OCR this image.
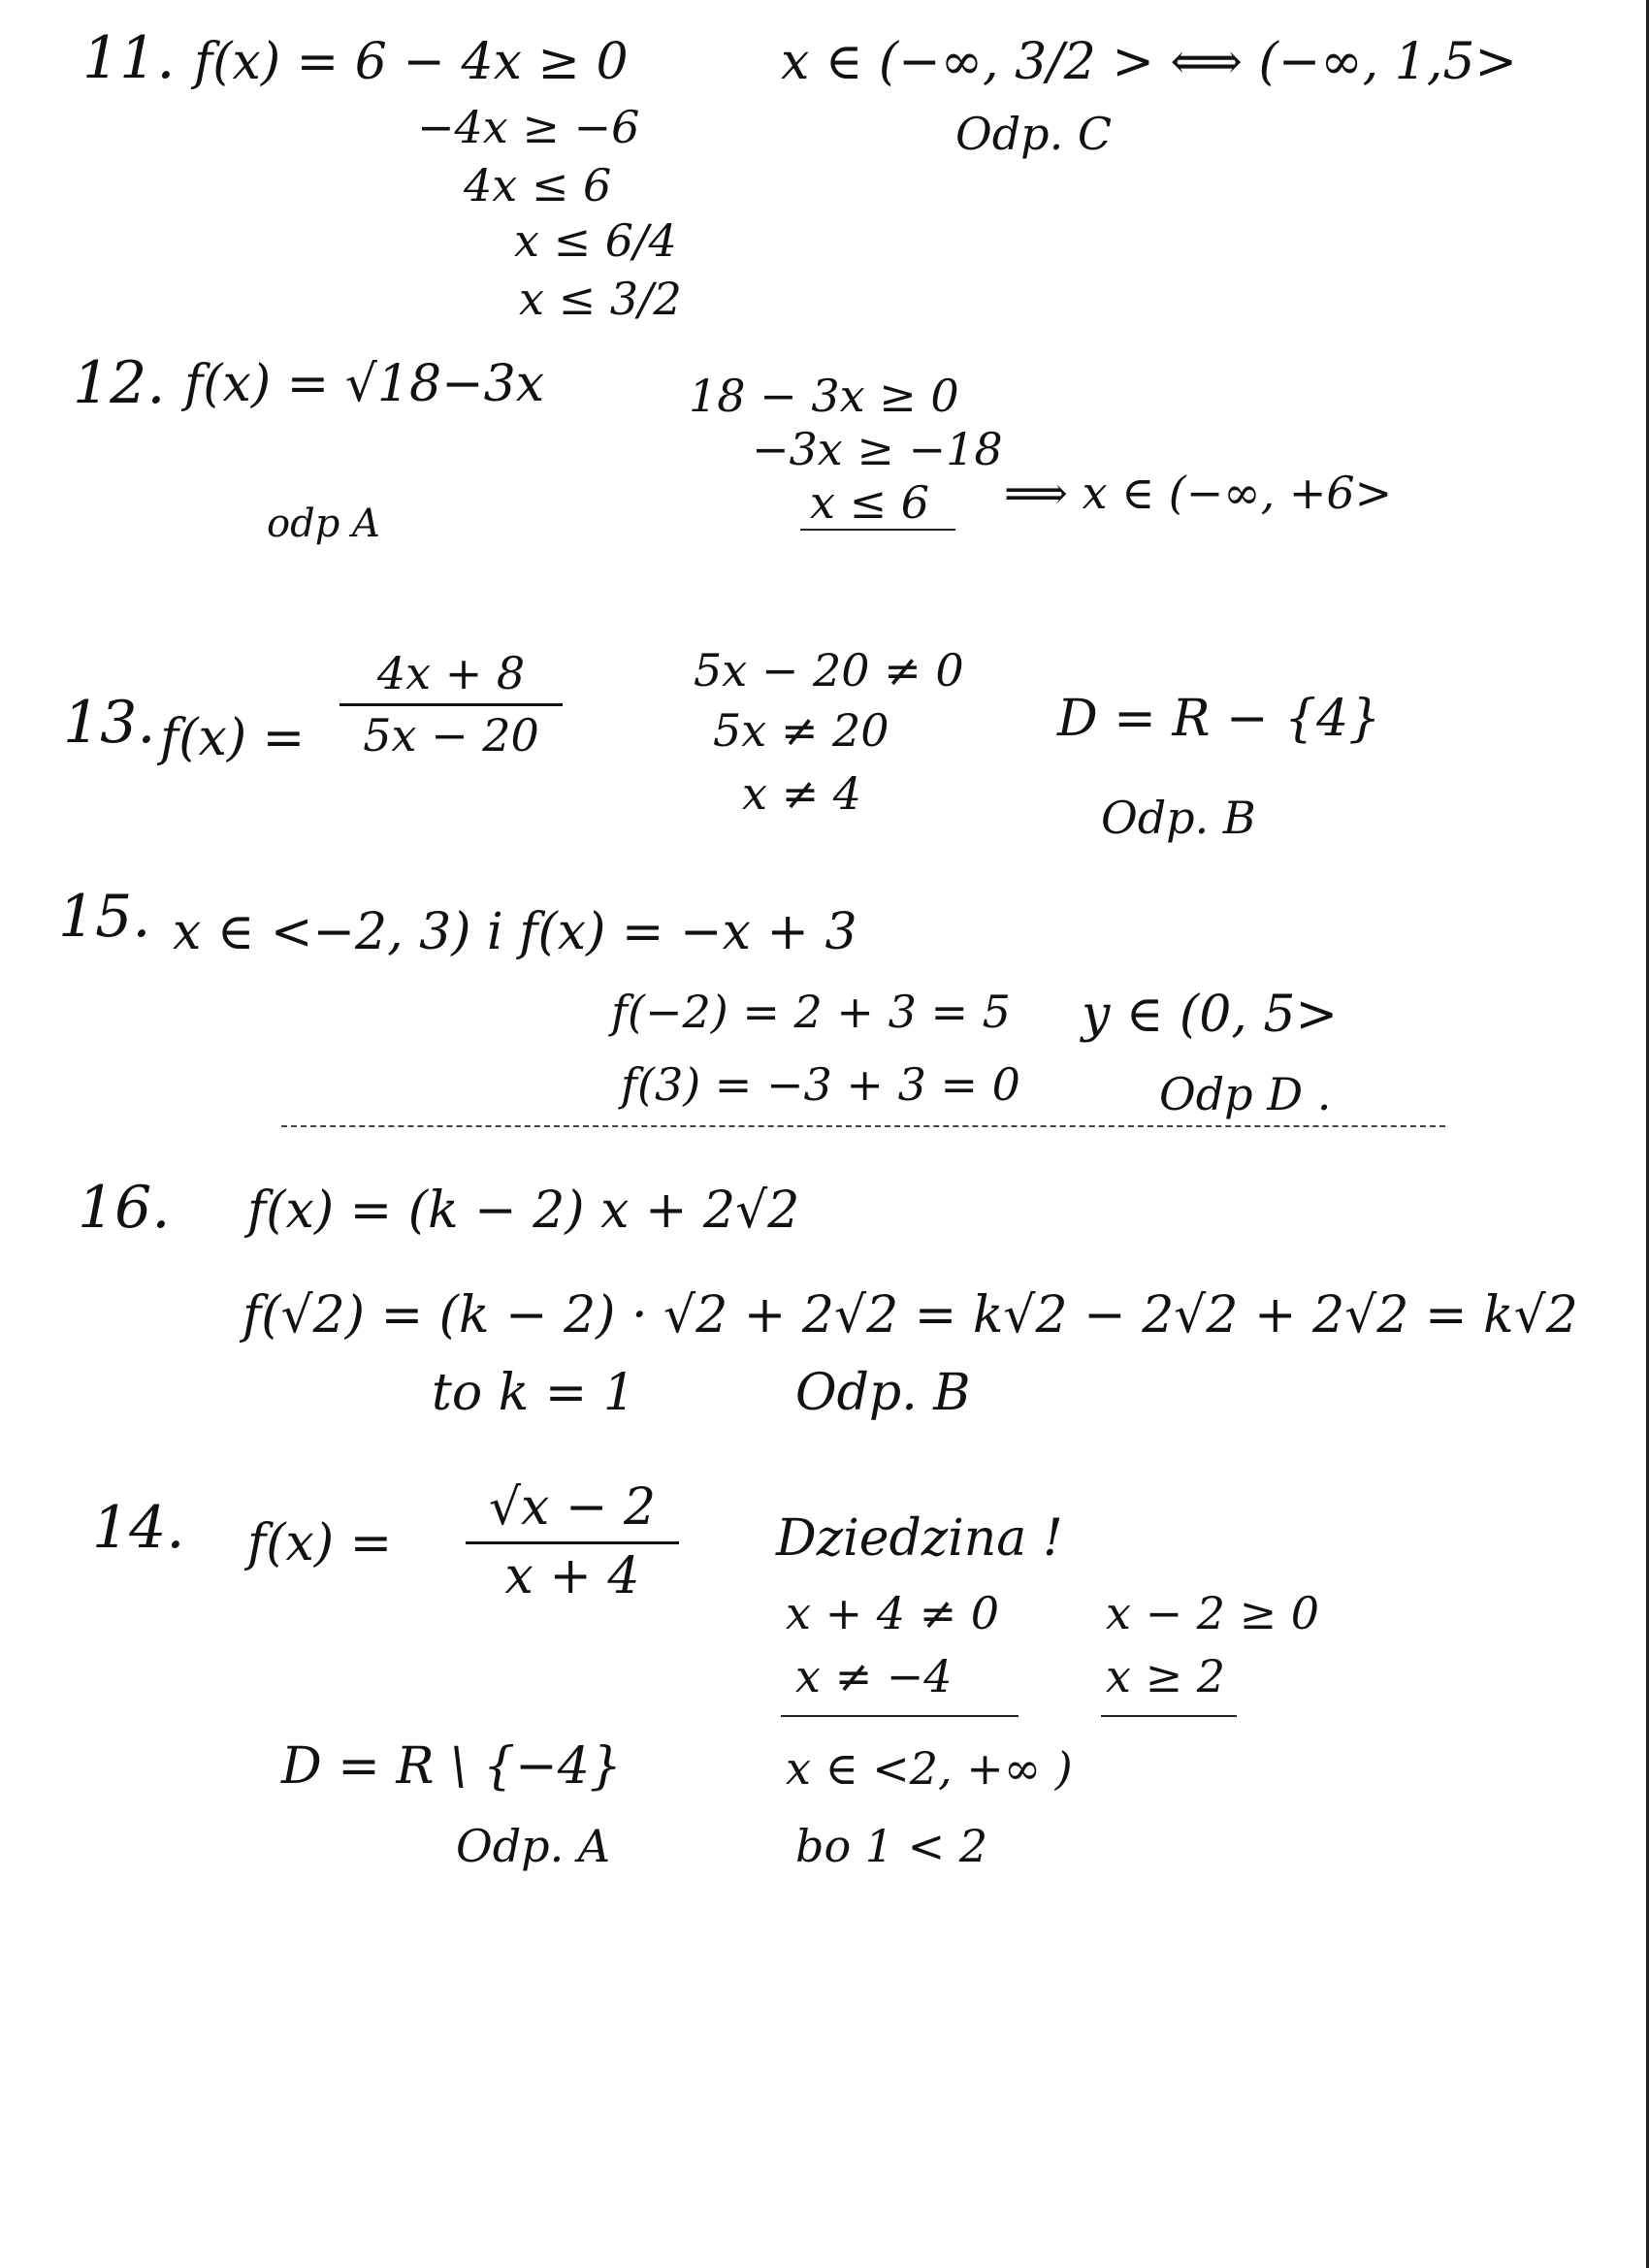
11. f(x) = 6 − 4x ≥ 0
−4x ≥ −6
4x ≤ 6
x ≤ 6/4
x ≤ 3/2
x ∈ (−∞, 3/2 > ⟺ (−∞, 1,5>
Odp. C
12. f(x) = √18−3x
odp A
18 − 3x ≥ 0
−3x ≥ −18
x ≤ 6 ⟹ x ∈ (−∞, +6>
13. f(x) =
4x + 8
5x − 20
5x − 20 ≠ 0
5x ≠ 20
x ≠ 4
D = R − {4}
Odp. B
15. x ∈ <−2, 3) i f(x) = −x + 3
f(−2) = 2 + 3 = 5
f(3) = −3 + 3 = 0
y ∈ (0, 5>
Odp D .
16. f(x) = (k − 2) x + 2√2
f(√2) = (k − 2) · √2 + 2√2 = k√2 − 2√2 + 2√2 = k√2
to k = 1	Odp. B
14. f(x) =
√x − 2
x + 4
Dziedzina !
x + 4 ≠ 0
x ≠ −4
x − 2 ≥ 0
x ≥ 2
D = R \ {−4}	x ∈ <2, +∞ )
Odp. A	bo 1 < 2
